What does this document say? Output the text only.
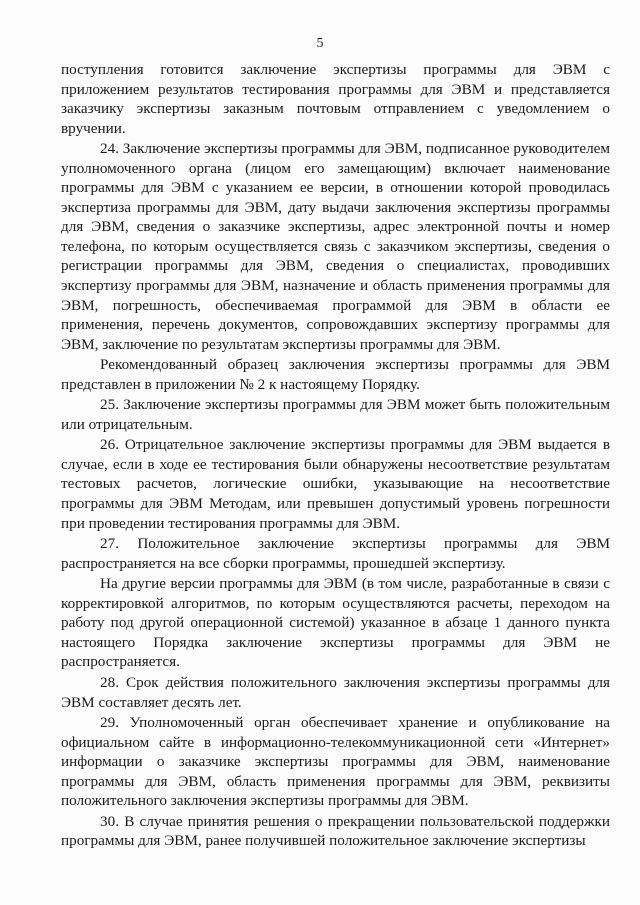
5

поступления готовится заключение экспертизы программы для ЭВМ с приложением результатов тестирования программы для ЭВМ и представляется заказчику экспертизы заказным почтовым отправлением с уведомлением о вручении.

24. Заключение экспертизы программы для ЭВМ, подписанное руководителем уполномоченного органа (лицом его замещающим) включает наименование программы для ЭВМ с указанием ее версии, в отношении которой проводилась экспертиза программы для ЭВМ, дату выдачи заключения экспертизы программы для ЭВМ, сведения о заказчике экспертизы, адрес электронной почты и номер телефона, по которым осуществляется связь с заказчиком экспертизы, сведения о регистрации программы для ЭВМ, сведения о специалистах, проводивших экспертизу программы для ЭВМ, назначение и область применения программы для ЭВМ, погрешность, обеспечиваемая программой для ЭВМ в области ее применения, перечень документов, сопровождавших экспертизу программы для ЭВМ, заключение по результатам экспертизы программы для ЭВМ.

Рекомендованный образец заключения экспертизы программы для ЭВМ представлен в приложении № 2 к настоящему Порядку.

25. Заключение экспертизы программы для ЭВМ может быть положительным или отрицательным.

26. Отрицательное заключение экспертизы программы для ЭВМ выдается в случае, если в ходе ее тестирования были обнаружены несоответствие результатам тестовых расчетов, логические ошибки, указывающие на несоответствие программы для ЭВМ Методам, или превышен допустимый уровень погрешности при проведении тестирования программы для ЭВМ.

27. Положительное заключение экспертизы программы для ЭВМ распространяется на все сборки программы, прошедшей экспертизу.

На другие версии программы для ЭВМ (в том числе, разработанные в связи с корректировкой алгоритмов, по которым осуществляются расчеты, переходом на работу под другой операционной системой) указанное в абзаце 1 данного пункта настоящего Порядка заключение экспертизы программы для ЭВМ не распространяется.

28. Срок действия положительного заключения экспертизы программы для ЭВМ составляет десять лет.

29. Уполномоченный орган обеспечивает хранение и опубликование на официальном сайте в информационно-телекоммуникационной сети «Интернет» информации о заказчике экспертизы программы для ЭВМ, наименование программы для ЭВМ, область применения программы для ЭВМ, реквизиты положительного заключения экспертизы программы для ЭВМ.

30. В случае принятия решения о прекращении пользовательской поддержки программы для ЭВМ, ранее получившей положительное заключение экспертизы
